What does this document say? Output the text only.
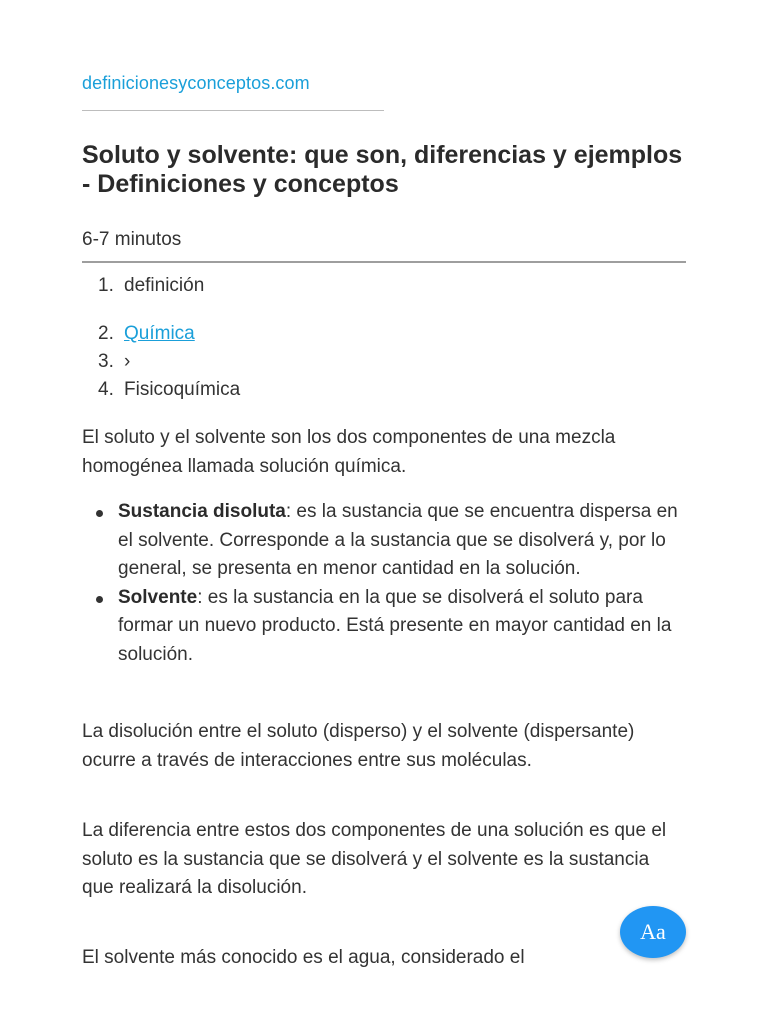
definicionesyconceptos.com
Soluto y solvente: que son, diferencias y ejemplos - Definiciones y conceptos
6-7 minutos
1. definición
2. Química
3. ›
4. Fisicoquímica

El soluto y el solvente son los dos componentes de una mezcla homogénea llamada solución química.

Sustancia disoluta: es la sustancia que se encuentra dispersa en el solvente. Corresponde a la sustancia que se disolverá y, por lo general, se presenta en menor cantidad en la solución.
Solvente: es la sustancia en la que se disolverá el soluto para formar un nuevo producto. Está presente en mayor cantidad en la solución.

La disolución entre el soluto (disperso) y el solvente (dispersante) ocurre a través de interacciones entre sus moléculas.

La diferencia entre estos dos componentes de una solución es que el soluto es la sustancia que se disolverá y el solvente es la sustancia que realizará la disolución.

El solvente más conocido es el agua, considerado el

Aa
